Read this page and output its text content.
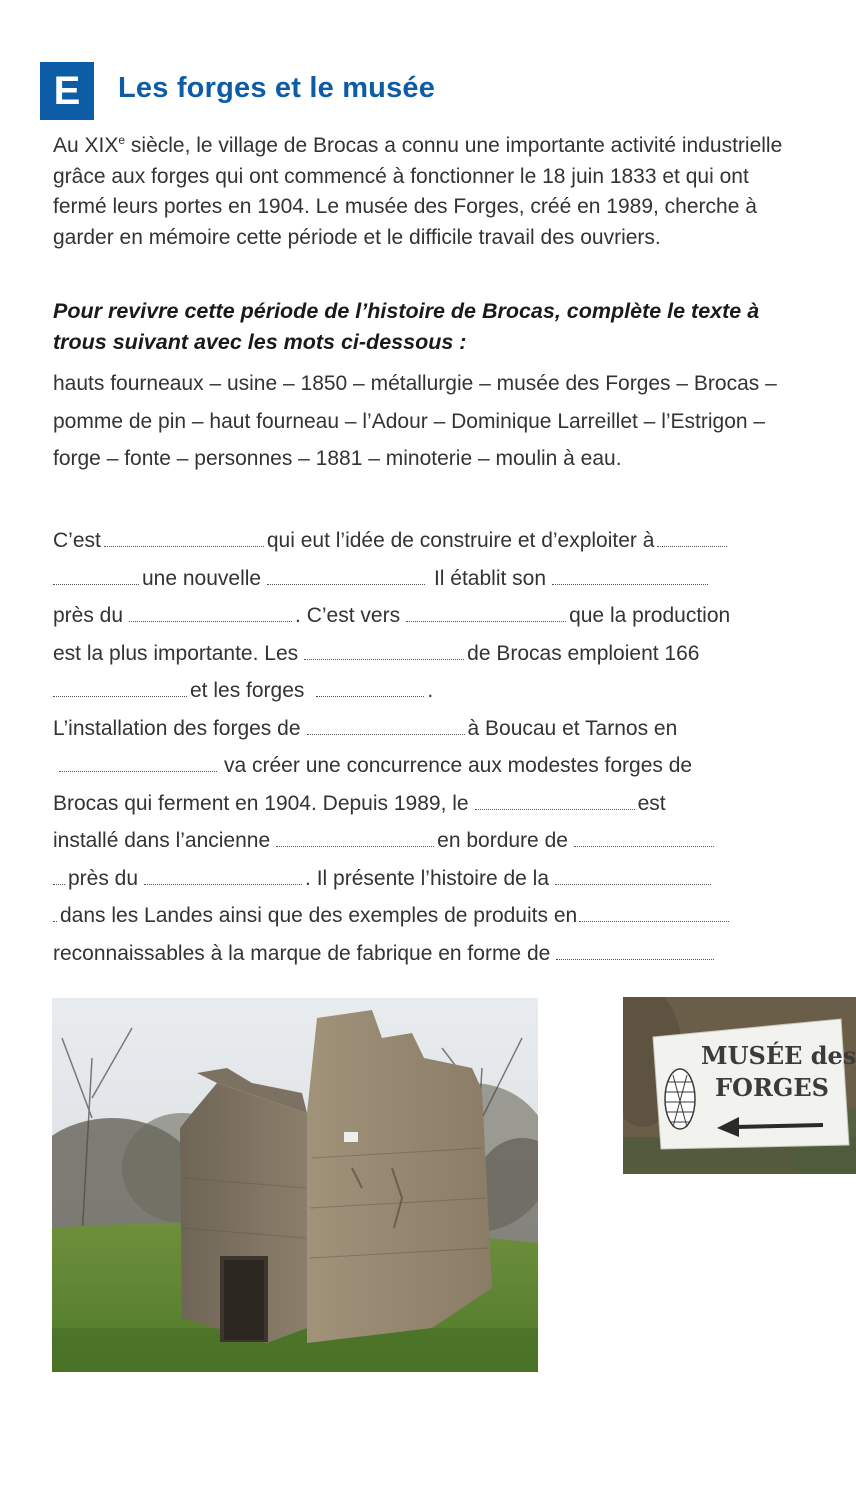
E	Les forges et le musée

Au XIXe siècle, le village de Brocas a connu une importante activité industrielle grâce aux forges qui ont commencé à fonctionner le 18 juin 1833 et qui ont fermé leurs portes en 1904. Le musée des Forges, créé en 1989, cherche à garder en mémoire cette période et le difficile travail des ouvriers.

Pour revivre cette période de l’histoire de Brocas, complète le texte à trous suivant avec les mots ci-dessous :

hauts fourneaux – usine – 1850 – métallurgie – musée des Forges – Brocas – pomme de pin – haut fourneau – l’Adour – Dominique Larreillet – l’Estrigon – forge – fonte – personnes – 1881 – minoterie – moulin à eau.

C’est	qui eut l’idée de construire et d’exploiter à
une nouvelle	Il établit son
près du	. C’est vers	que la production
est la plus importante. Les	de Brocas emploient 166
et les forges	.
L’installation des forges de	à Boucau et Tarnos en
va créer une concurrence aux modestes forges de
Brocas qui ferment en 1904. Depuis 1989, le	est
installé dans l’ancienne	en bordure de
près du	. Il présente l’histoire de la
dans les Landes ainsi que des exemples de produits en
reconnaissables à la marque de fabrique en forme de
MUSÉE des
FORGES
